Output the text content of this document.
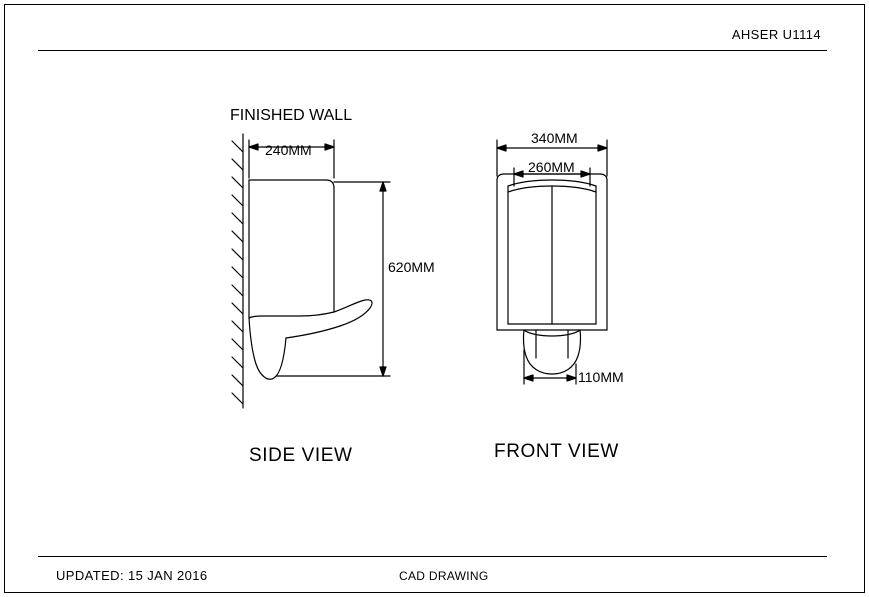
AHSER U1114
UPDATED: 15 JAN 2016	CAD DRAWING
FINISHED WALL
SIDE VIEW	FRONT VIEW
240MM
620MM
340MM
260MM
110MM
